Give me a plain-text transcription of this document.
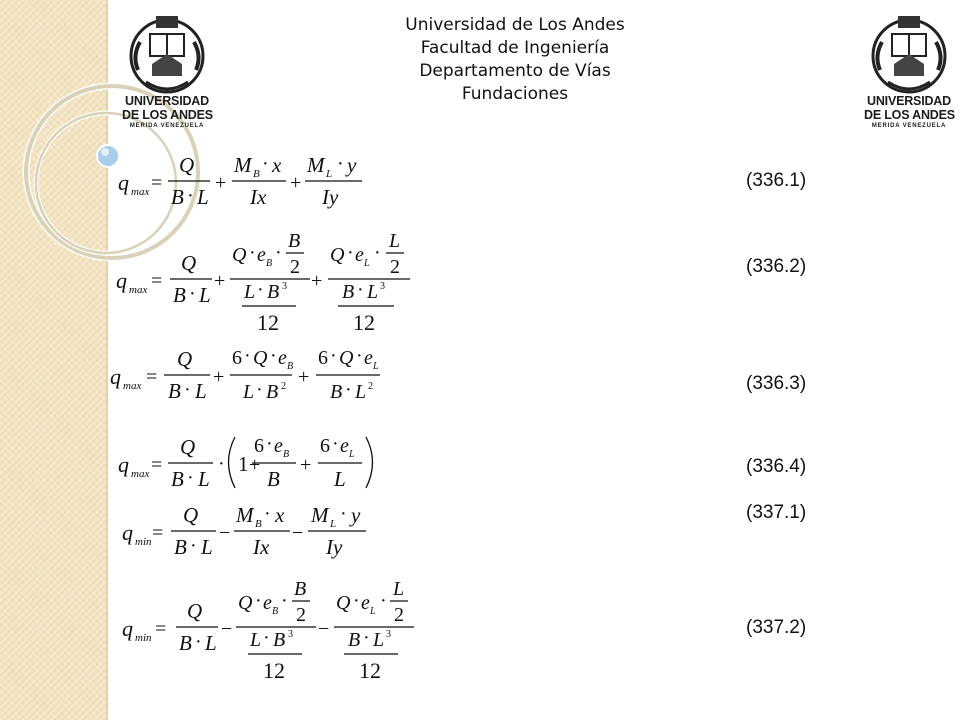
Universidad de Los Andes
Facultad de Ingeniería
Departamento de Vías
Fundaciones
UNIVERSIDAD
DE LOS ANDES
MERIDA VENEZUELA
UNIVERSIDAD
DE LOS ANDES
MERIDA VENEZUELA
q max =
Q
B · L
+
M B · x
Ix
+
M L · y
Iy
q max =
Q
B · L
+
Q · e B ·
B
2
L · B 3
12
+
Q · e L ·
L
2
B · L 3
12
q max =
Q
B · L
+
6 · Q · e B
L · B 2 +
6 · Q · e L
B · L 2
q max =
Q
B · L
· 1 +
6 · e B
B
+
6 · e L
L
q min =
Q
B · L
−
M B · x
Ix
−
M L · y
Iy
q min =
Q
B · L
−
Q · e B ·
B
2
L · B 3
12
−
Q · e L ·
L
2
B · L 3
12
(336.1)
(336.2)
(336.3)
(336.4)
(337.1)
(337.2)
